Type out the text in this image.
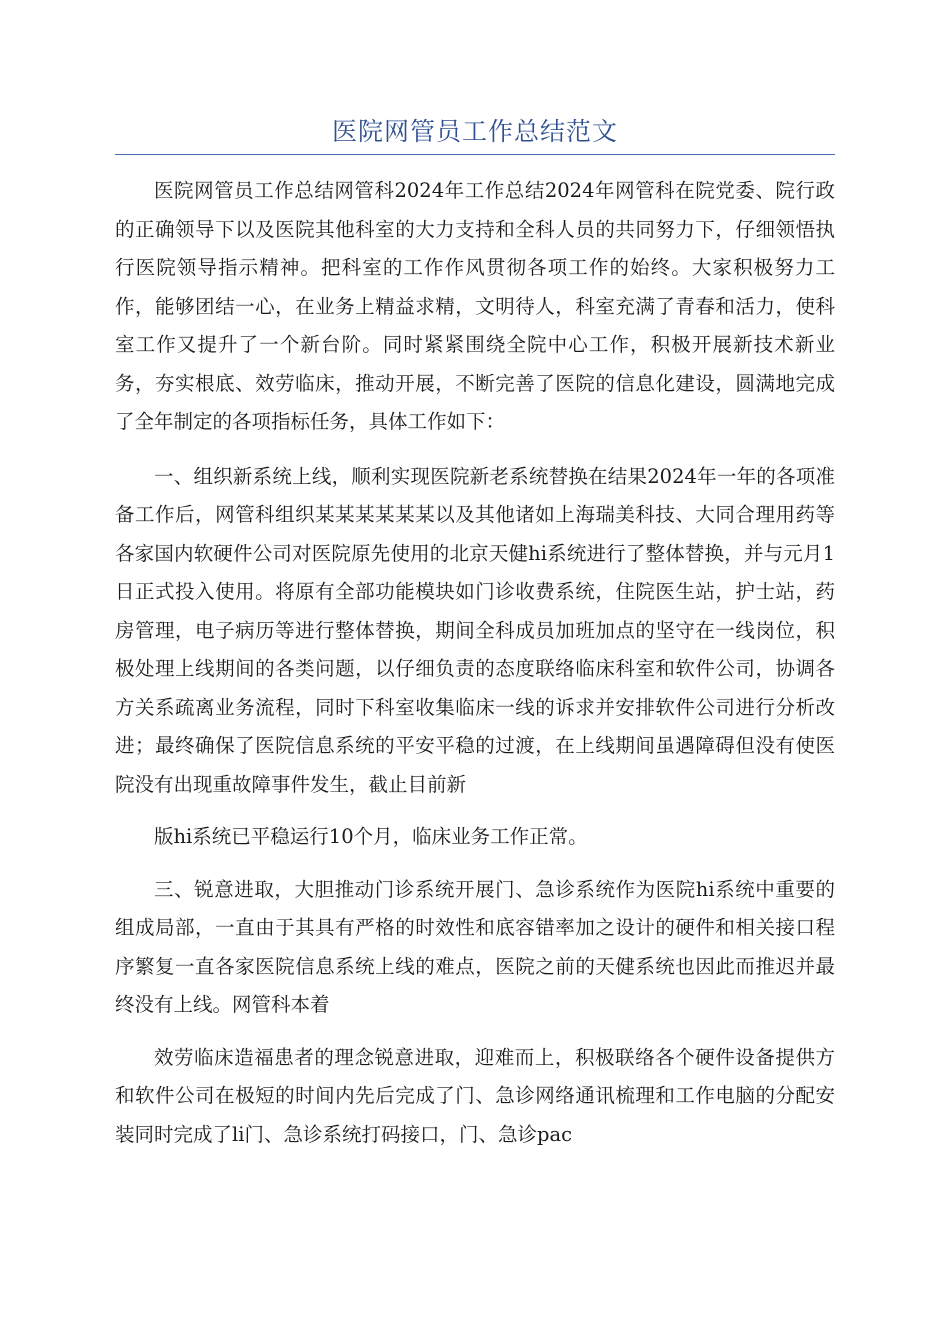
医院网管员工作总结范文

医院网管员工作总结网管科2024年工作总结2024年网管科在院党委、院行政的正确领导下以及医院其他科室的大力支持和全科人员的共同努力下，仔细领悟执行医院领导指示精神。把科室的工作作风贯彻各项工作的始终。大家积极努力工作，能够团结一心，在业务上精益求精，文明待人，科室充满了青春和活力，使科室工作又提升了一个新台阶。同时紧紧围绕全院中心工作，积极开展新技术新业务，夯实根底、效劳临床，推动开展，不断完善了医院的信息化建设，圆满地完成了全年制定的各项指标任务，具体工作如下：

一、组织新系统上线，顺利实现医院新老系统替换在结果2024年一年的各项准备工作后，网管科组织某某某某某某以及其他诸如上海瑞美科技、大同合理用药等各家国内软硬件公司对医院原先使用的北京天健hi系统进行了整体替换，并与元月1日正式投入使用。将原有全部功能模块如门诊收费系统，住院医生站，护士站，药房管理，电子病历等进行整体替换，期间全科成员加班加点的坚守在一线岗位，积极处理上线期间的各类问题，以仔细负责的态度联络临床科室和软件公司，协调各方关系疏离业务流程，同时下科室收集临床一线的诉求并安排软件公司进行分析改进；最终确保了医院信息系统的平安平稳的过渡，在上线期间虽遇障碍但没有使医院没有出现重故障事件发生，截止目前新

版hi系统已平稳运行10个月，临床业务工作正常。

三、锐意进取，大胆推动门诊系统开展门、急诊系统作为医院hi系统中重要的组成局部，一直由于其具有严格的时效性和底容错率加之设计的硬件和相关接口程序繁复一直各家医院信息系统上线的难点，医院之前的天健系统也因此而推迟并最终没有上线。网管科本着

效劳临床造福患者的理念锐意进取，迎难而上，积极联络各个硬件设备提供方和软件公司在极短的时间内先后完成了门、急诊网络通讯梳理和工作电脑的分配安装同时完成了li门、急诊系统打码接口，门、急诊pac
